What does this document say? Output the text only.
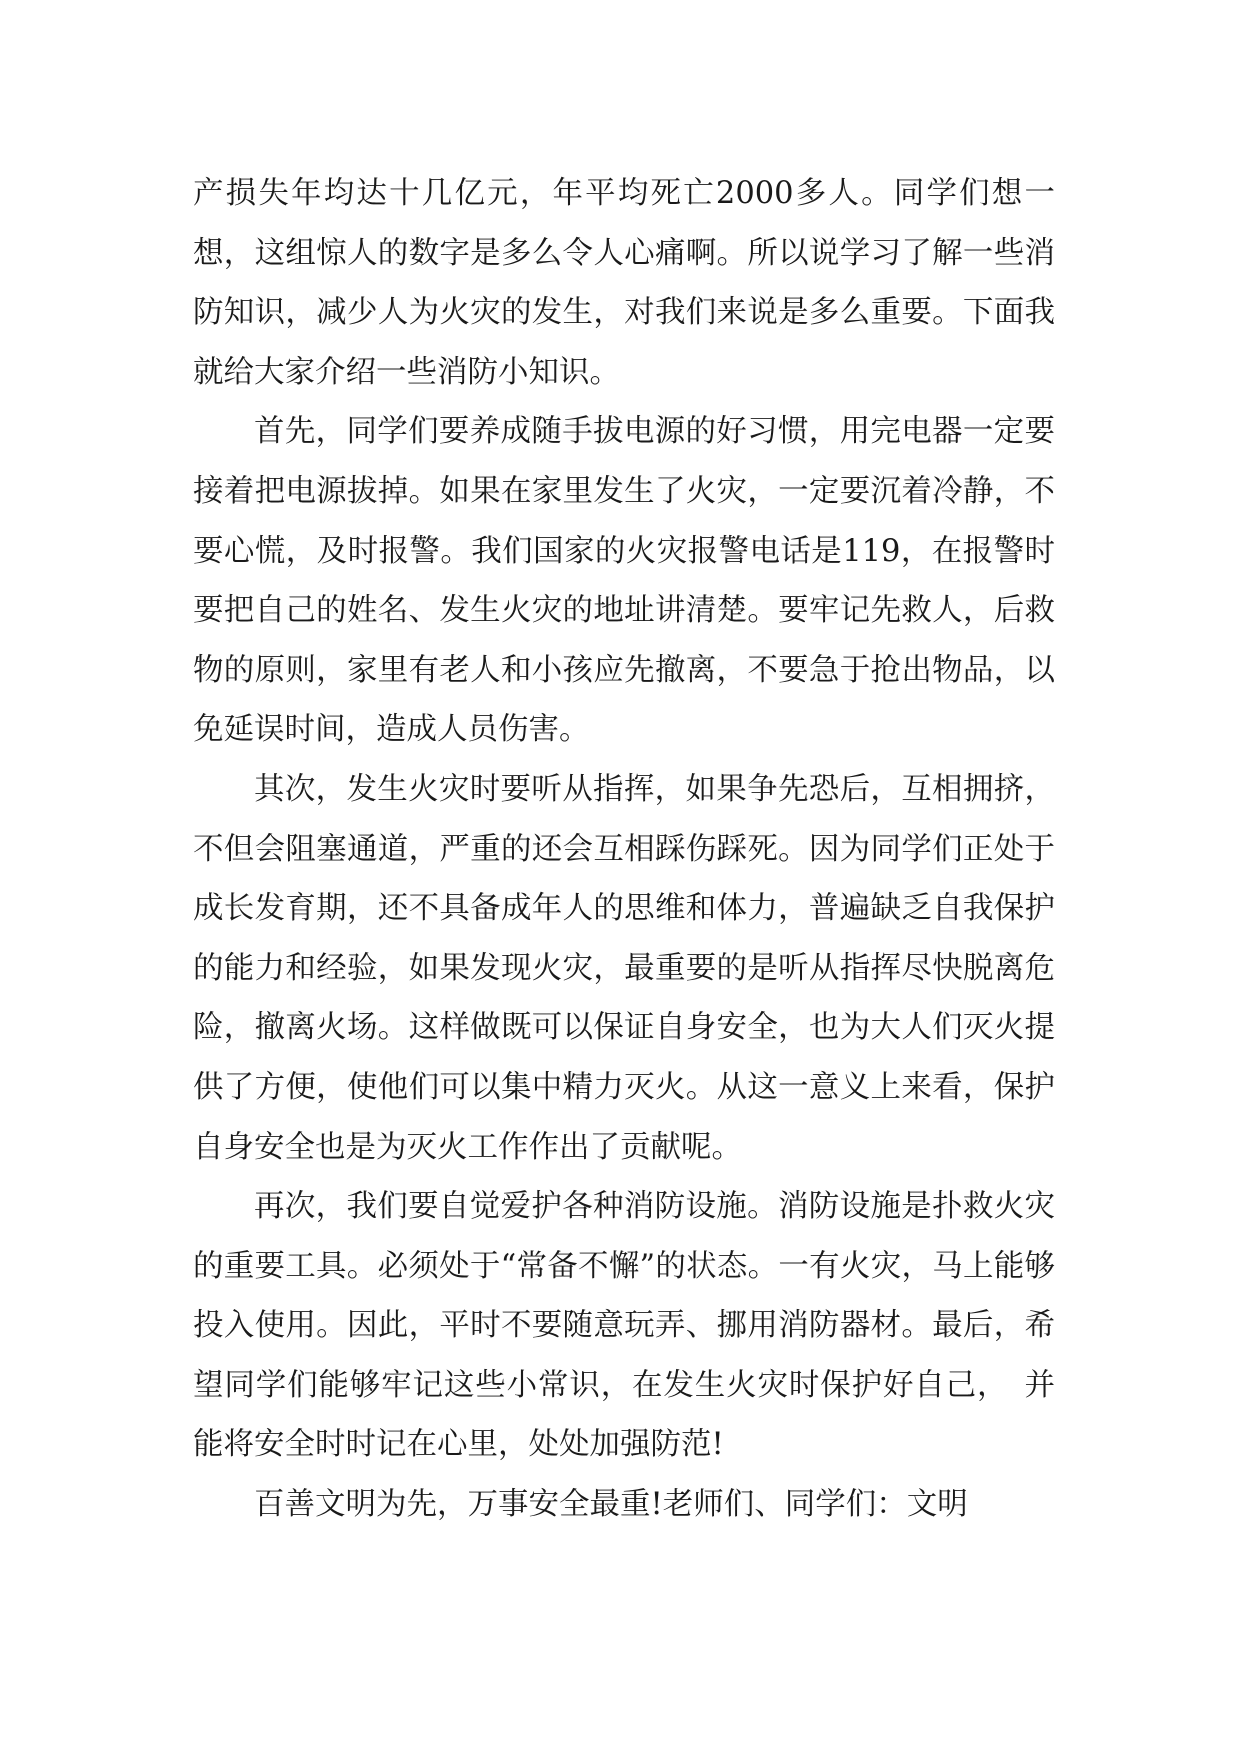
产损失年均达十几亿元，年平均死亡2000多人。同学们想一想，这组惊人的数字是多么令人心痛啊。所以说学习了解一些消防知识，减少人为火灾的发生，对我们来说是多么重要。下面我就给大家介绍一些消防小知识。

首先，同学们要养成随手拔电源的好习惯，用完电器一定要接着把电源拔掉。如果在家里发生了火灾，一定要沉着冷静，不要心慌，及时报警。我们国家的火灾报警电话是119，在报警时要把自己的姓名、发生火灾的地址讲清楚。要牢记先救人，后救物的原则，家里有老人和小孩应先撤离，不要急于抢出物品，以免延误时间，造成人员伤害。

其次，发生火灾时要听从指挥，如果争先恐后，互相拥挤，不但会阻塞通道，严重的还会互相踩伤踩死。因为同学们正处于成长发育期，还不具备成年人的思维和体力，普遍缺乏自我保护的能力和经验，如果发现火灾，最重要的是听从指挥尽快脱离危险，撤离火场。这样做既可以保证自身安全，也为大人们灭火提供了方便，使他们可以集中精力灭火。从这一意义上来看，保护自身安全也是为灭火工作作出了贡献呢。

再次，我们要自觉爱护各种消防设施。消防设施是扑救火灾的重要工具。必须处于“常备不懈”的状态。一有火灾，马上能够投入使用。因此，平时不要随意玩弄、挪用消防器材。最后，希望同学们能够牢记这些小常识，在发生火灾时保护好自己，　并能将安全时时记在心里，处处加强防范!

百善文明为先，万事安全最重!老师们、同学们：文明
